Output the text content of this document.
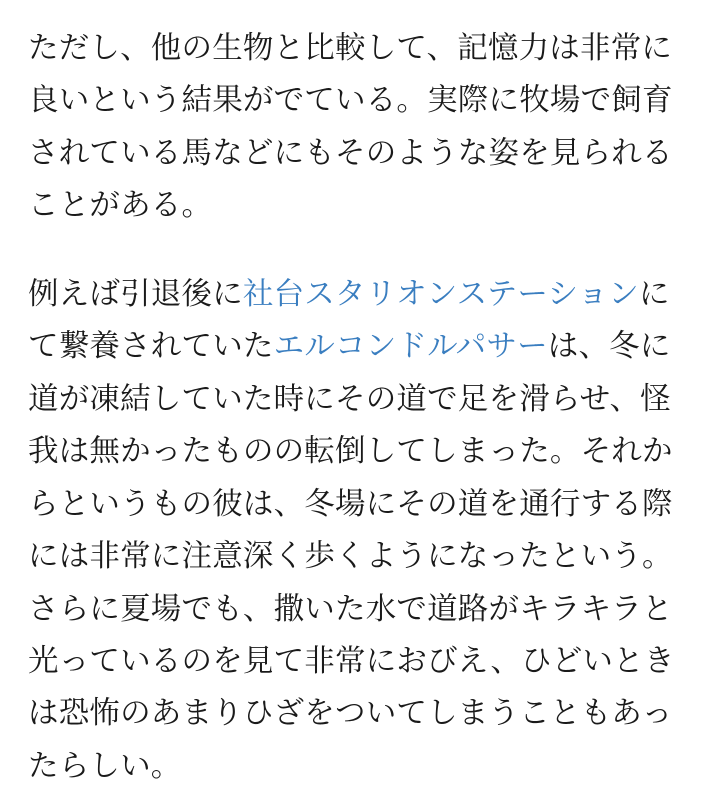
ただし、他の生物と比較して、記憶力は非常に良いという結果がでている。実際に牧場で飼育されている馬などにもそのような姿を見られることがある。

例えば引退後に社台スタリオンステーションにて繋養されていたエルコンドルパサーは、冬に道が凍結していた時にその道で足を滑らせ、怪我は無かったものの転倒してしまった。それからというもの彼は、冬場にその道を通行する際には非常に注意深く歩くようになったという。さらに夏場でも、撒いた水で道路がキラキラと光っているのを見て非常におびえ、ひどいときは恐怖のあまりひざをついてしまうこともあったらしい。
